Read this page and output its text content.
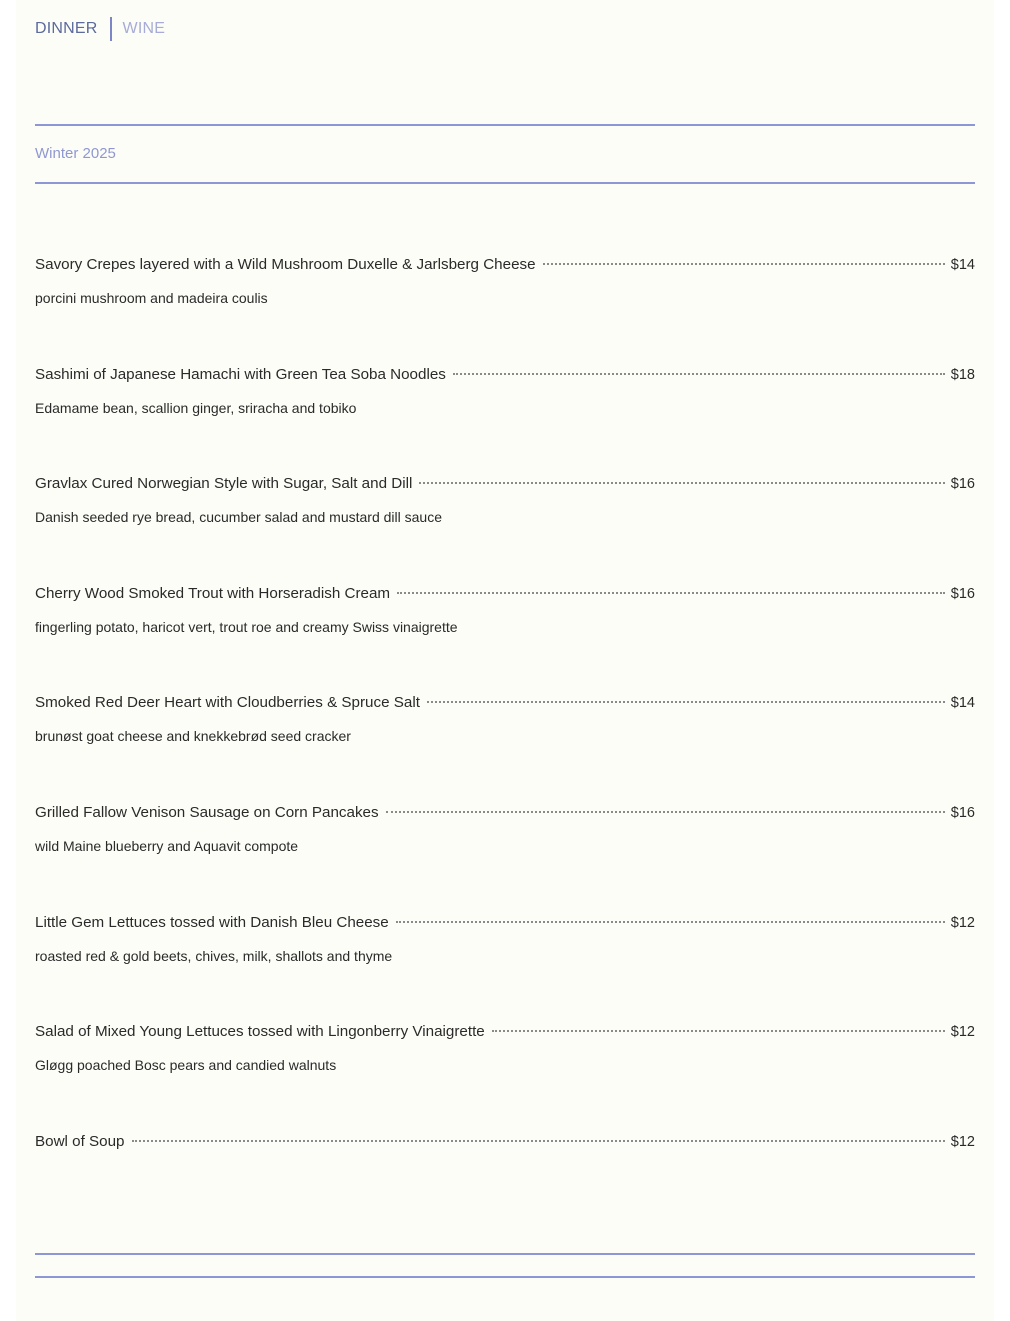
DINNER WINE
Winter 2025
Savory Crepes layered with a Wild Mushroom Duxelle & Jarlsberg Cheese	$14
porcini mushroom and madeira coulis
Sashimi of Japanese Hamachi with Green Tea Soba Noodles	$18
Edamame bean, scallion ginger, sriracha and tobiko
Gravlax Cured Norwegian Style with Sugar, Salt and Dill	$16
Danish seeded rye bread, cucumber salad and mustard dill sauce
Cherry Wood Smoked Trout with Horseradish Cream	$16
fingerling potato, haricot vert, trout roe and creamy Swiss vinaigrette
Smoked Red Deer Heart with Cloudberries & Spruce Salt	$14
brunøst goat cheese and knekkebrød seed cracker
Grilled Fallow Venison Sausage on Corn Pancakes	$16
wild Maine blueberry and Aquavit compote
Little Gem Lettuces tossed with Danish Bleu Cheese	$12
roasted red & gold beets, chives, milk, shallots and thyme
Salad of Mixed Young Lettuces tossed with Lingonberry Vinaigrette	$12
Gløgg poached Bosc pears and candied walnuts
Bowl of Soup	$12
